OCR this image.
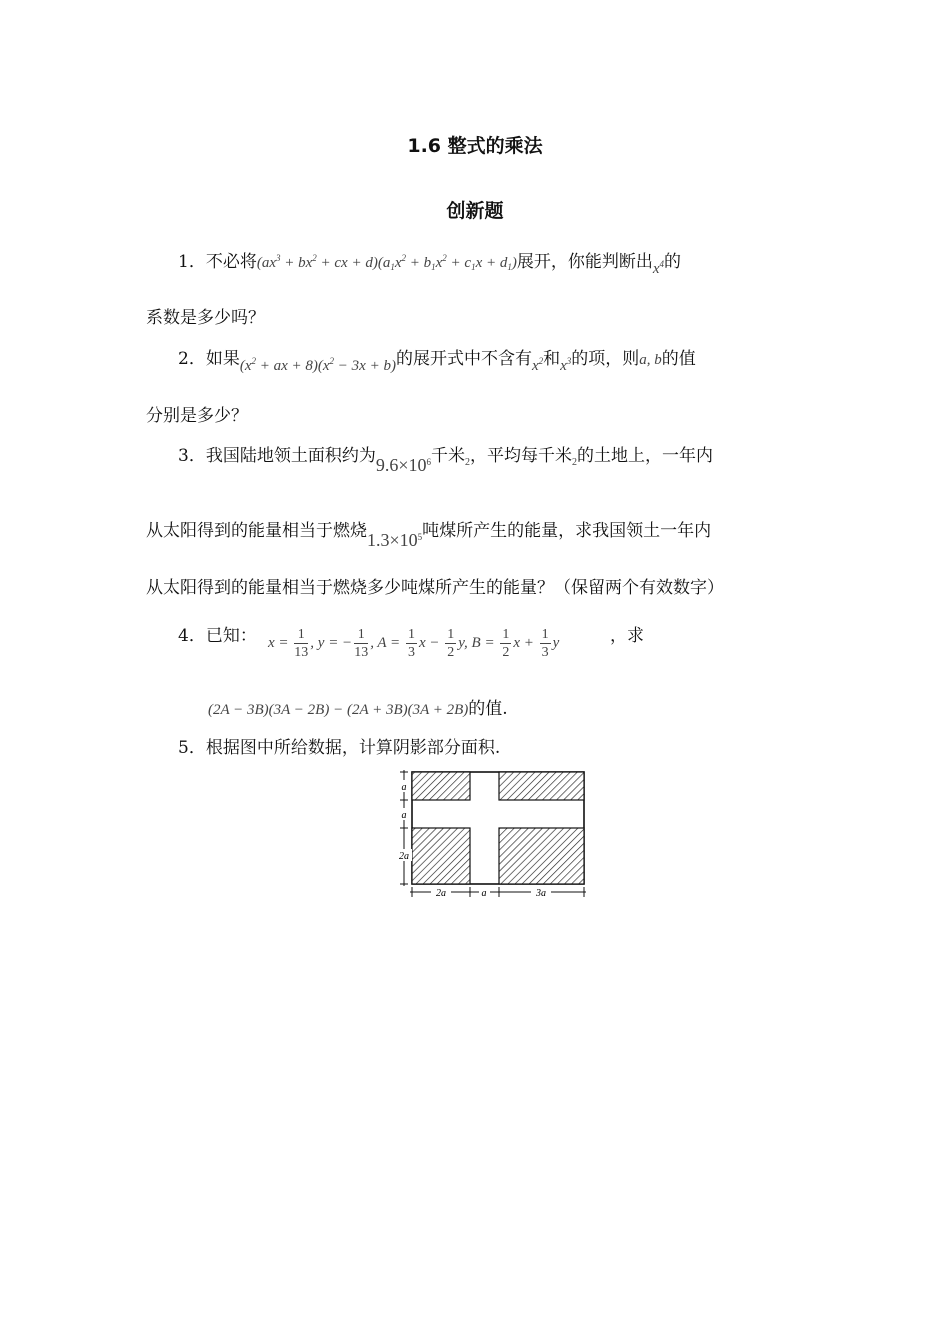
1.6 整式的乘法
创新题
1．不必将($ax^3 + bx^2$ + cx + $d)(a_1x^2 + b_1x^2 + c_1x + d_1)$展开，你能判断出$x^4$的
系数是多少吗？
2．如果($x^2$ + ax + $8)(x^2 - 3x + b)$的展开式中不含有$x^2$和$x^3$的项，则a, b的值
分别是多少？
3．我国陆地领土面积约为$9.6\times 10^6$千米$_2$，平均每千米$_2$的土地上，一年内
从太阳得到的能量相当于燃烧$1.3\times 10^5$吨煤所产生的能量，求我国领土一年内
从太阳得到的能量相当于燃烧多少吨煤所产生的能量？（保留两个有效数字）
4．已知： $x = \frac{1}{13}$ , y = − $\frac{1}{13}$ , $A = \frac{1}{3}$ $x - \frac{1}{2} y$, $B = \frac{1}{2}$ $x + \frac{1}{3}$ y	，求
(2A − 3B)(3A − 2B) − (2A + 3B)(3A + 2B)的值.
5．根据图中所给数据，计算阴影部分面积.
a
a
2a
2a	a	3a
